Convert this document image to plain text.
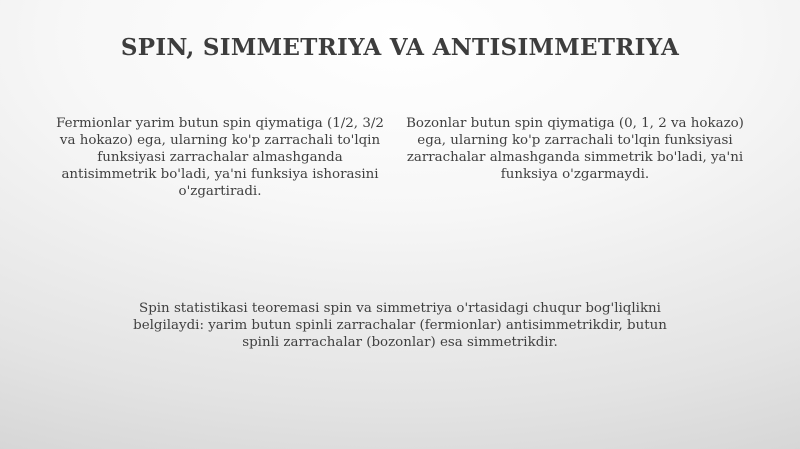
SPIN, SIMMETRIYA VA ANTISIMMETRIYA

Fermionlar yarim butun spin qiymatiga (1/2, 3/2 va hokazo) ega, ularning ko'p zarrachali to'lqin funksiyasi zarrachalar almashganda antisimmetrik bo'ladi, ya'ni funksiya ishorasini o'zgartiradi.

Bozonlar butun spin qiymatiga (0, 1, 2 va hokazo) ega, ularning ko'p zarrachali to'lqin funksiyasi zarrachalar almashganda simmetrik bo'ladi, ya'ni funksiya o'zgarmaydi.

Spin statistikasi teoremasi spin va simmetriya o'rtasidagi chuqur bog'liqlikni belgilaydi: yarim butun spinli zarrachalar (fermionlar) antisimmetrikdir, butun spinli zarrachalar (bozonlar) esa simmetrikdir.
